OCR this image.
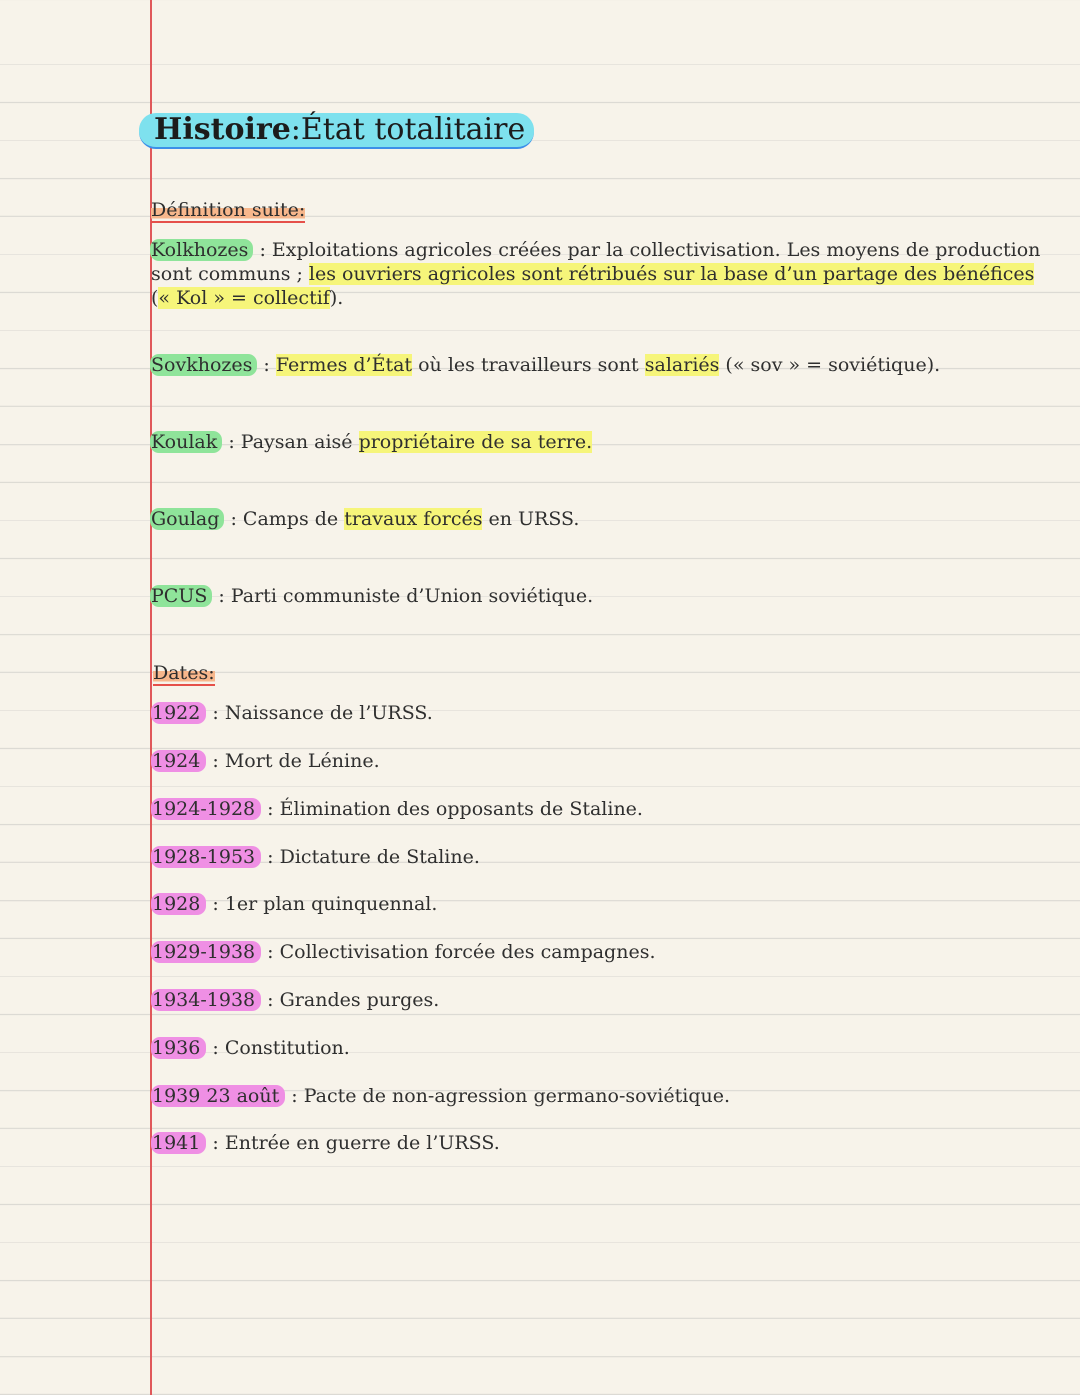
Histoire:État totalitaire
Définition suite:
Kolkhozes : Exploitations agricoles créées par la collectivisation. Les moyens de production
sont communs ; les ouvriers agricoles sont rétribués sur la base d’un partage des bénéfices
(« Kol » = collectif).
Sovkhozes : Fermes d’État où les travailleurs sont salariés (« sov » = soviétique).
Koulak : Paysan aisé propriétaire de sa terre.
Goulag : Camps de travaux forcés en URSS.
PCUS : Parti communiste d’Union soviétique.
Dates:
1922 : Naissance de l’URSS.
1924 : Mort de Lénine.
1924-1928 : Élimination des opposants de Staline.
1928-1953 : Dictature de Staline.
1928 : 1er plan quinquennal.
1929-1938 : Collectivisation forcée des campagnes.
1934-1938 : Grandes purges.
1936 : Constitution.
1939 23 août : Pacte de non-agression germano-soviétique.
1941 : Entrée en guerre de l’URSS.
